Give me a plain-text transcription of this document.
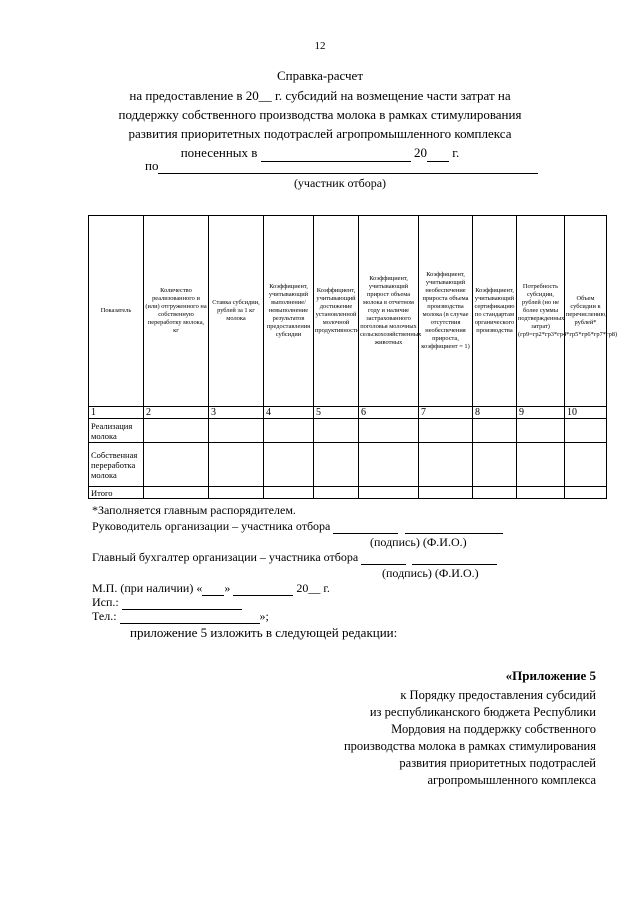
12
Справка-расчет
на предоставление в 20__ г. субсидий на возмещение части затрат на
поддержку собственного производства молока в рамках стимулирования
развития приоритетных подотраслей агропромышленного комплекса
понесенных в	20 г.
по
(участник отбора)
Показатель	Количество реализованного и (или) отгруженного на собственную переработку молока, кг	Ставка субсидии, рублей за 1 кг молока	Коэффициент, учитывающий выполнение/ невыполнение результатов предоставления субсидии	Коэффициент, учитывающий достижение установленной молочной продуктивности	Коэффициент, учитывающий прирост объема молока в отчетном году и наличие застрахованного поголовья молочных сельскохозяйственных животных	Коэффициент, учитывающий необеспечение прироста объема производства молока (в случае отсутствия необеспечения прироста, коэффициент = 1)	Коэффициент, учитывающий сертификацию по стандартам органического производства	Потребность субсидии, рублей (но не более суммы подтвержденных затрат) (гр9=гр2*гр3*гр4*гр5*гр6*гр7*гр8)	Объем субсидии к перечислению, рублей*
1	2	3	4	5	6	7	8	9	10
Реализация молока									
Собственная переработка молока									
Итого									
*Заполняется главным распорядителем.
Руководитель организации – участника отбора
(подпись) (Ф.И.О.)
Главный бухгалтер организации – участника отбора
(подпись) (Ф.И.О.)
М.П. (при наличии) « »	20__ г.
Исп.:
Тел.:	»;
приложение 5 изложить в следующей редакции:
«Приложение 5
к Порядку предоставления субсидий
из республиканского бюджета Республики
Мордовия на поддержку собственного
производства молока в рамках стимулирования
развития приоритетных подотраслей
агропромышленного комплекса
